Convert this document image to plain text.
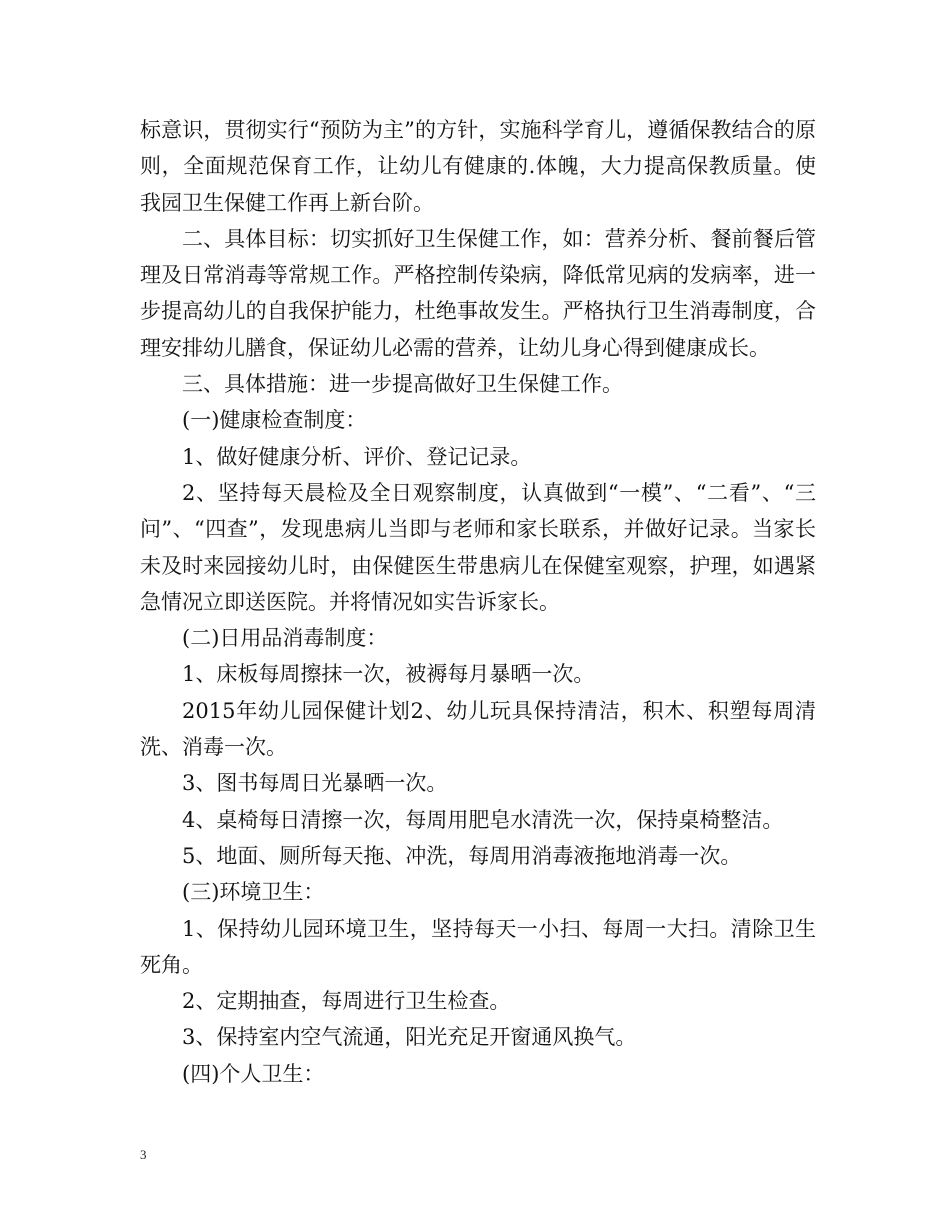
标意识，贯彻实行“预防为主”的方针，实施科学育儿，遵循保教结合的原则，全面规范保育工作，让幼儿有健康的.体魄，大力提高保教质量。使我园卫生保健工作再上新台阶。

二、具体目标：切实抓好卫生保健工作，如：营养分析、餐前餐后管理及日常消毒等常规工作。严格控制传染病，降低常见病的发病率，进一步提高幼儿的自我保护能力，杜绝事故发生。严格执行卫生消毒制度，合理安排幼儿膳食，保证幼儿必需的营养，让幼儿身心得到健康成长。

三、具体措施：进一步提高做好卫生保健工作。

(一)健康检查制度：

1、做好健康分析、评价、登记记录。

2、坚持每天晨检及全日观察制度，认真做到“一模”、“二看”、“三问”、“四查”，发现患病儿当即与老师和家长联系，并做好记录。当家长未及时来园接幼儿时，由保健医生带患病儿在保健室观察，护理，如遇紧急情况立即送医院。并将情况如实告诉家长。

(二)日用品消毒制度：

1、床板每周擦抹一次，被褥每月暴晒一次。

2015年幼儿园保健计划2、幼儿玩具保持清洁，积木、积塑每周清洗、消毒一次。

3、图书每周日光暴晒一次。

4、桌椅每日清擦一次，每周用肥皂水清洗一次，保持桌椅整洁。

5、地面、厕所每天拖、冲洗，每周用消毒液拖地消毒一次。

(三)环境卫生：

1、保持幼儿园环境卫生，坚持每天一小扫、每周一大扫。清除卫生死角。

2、定期抽查，每周进行卫生检查。

3、保持室内空气流通，阳光充足开窗通风换气。

(四)个人卫生：

3
